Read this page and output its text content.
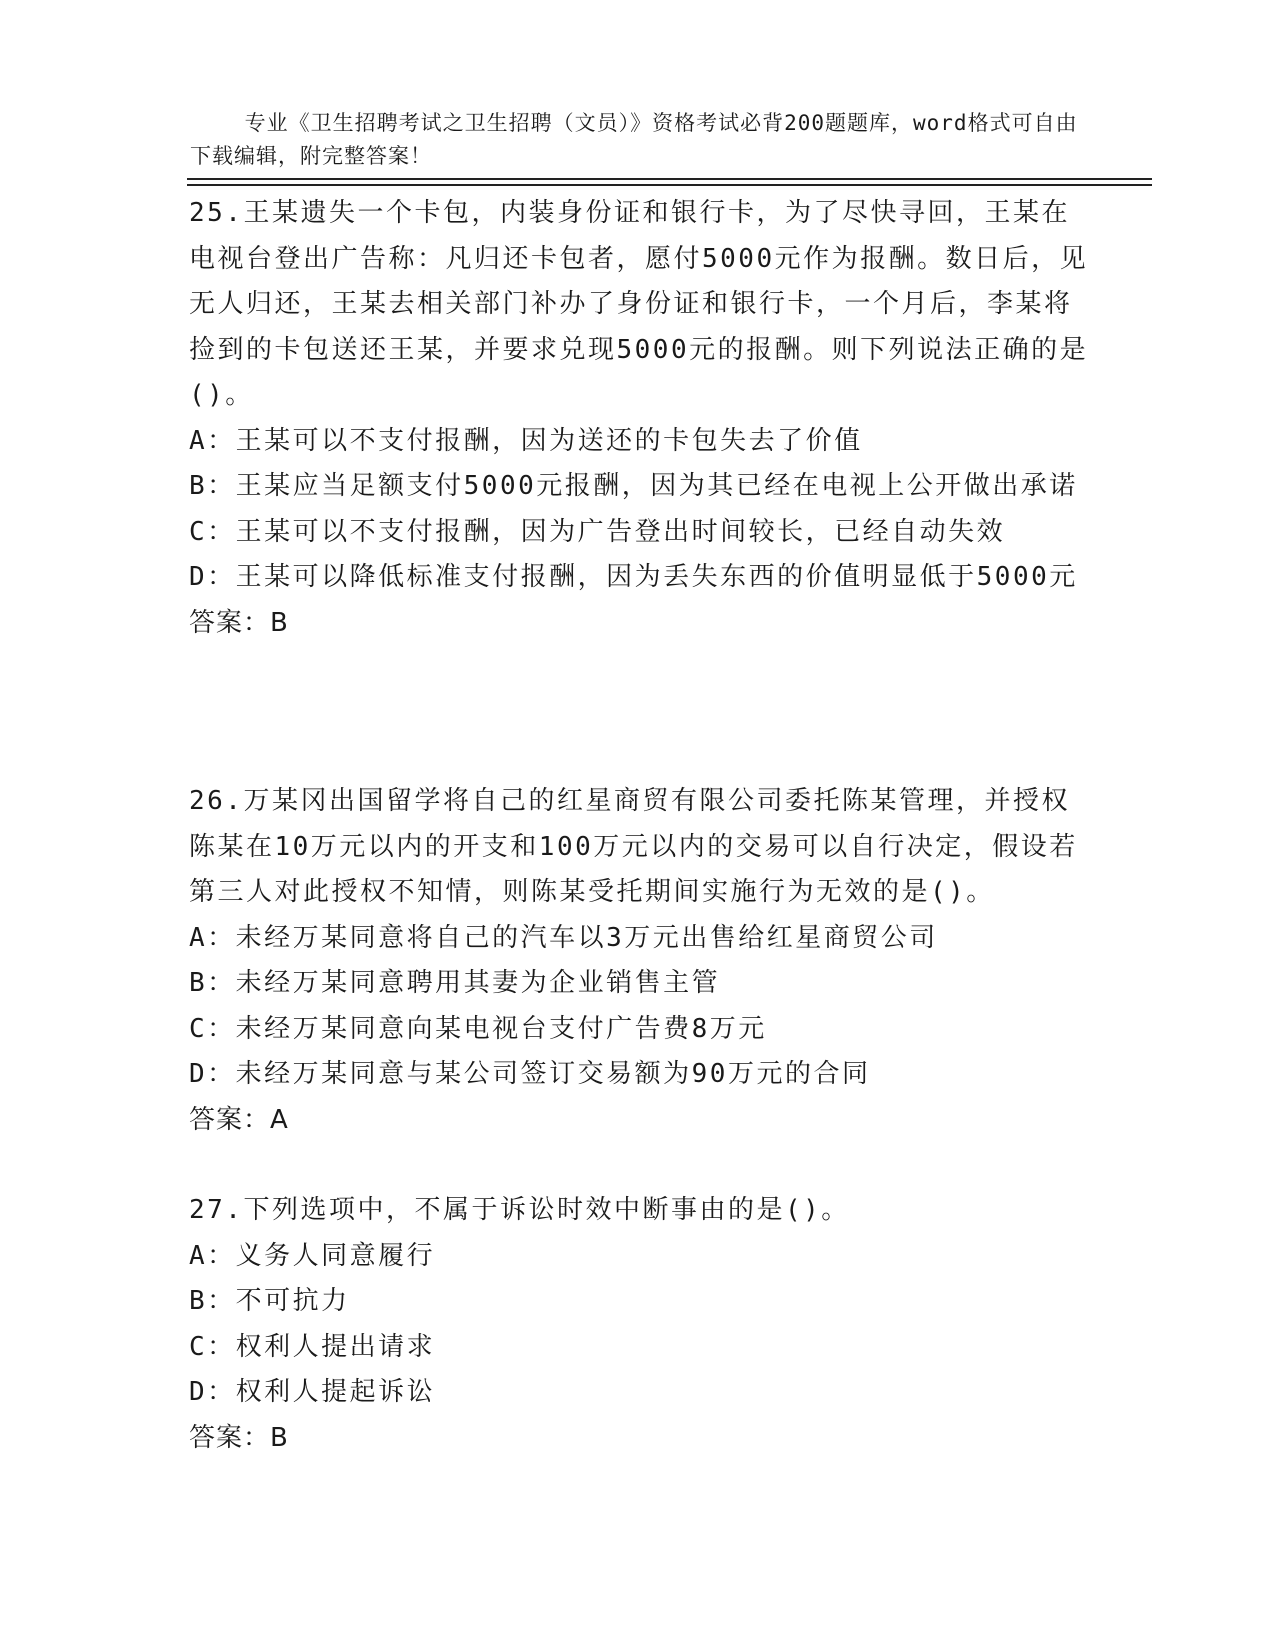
专业《卫生招聘考试之卫生招聘（文员）》资格考试必背200题题库，word格式可自由下载编辑，附完整答案！

25.王某遗失一个卡包，内装身份证和银行卡，为了尽快寻回，王某在电视台登出广告称：凡归还卡包者，愿付5000元作为报酬。数日后，见无人归还，王某去相关部门补办了身份证和银行卡，一个月后，李某将捡到的卡包送还王某，并要求兑现5000元的报酬。则下列说法正确的是()。
A：王某可以不支付报酬，因为送还的卡包失去了价值
B：王某应当足额支付5000元报酬，因为其已经在电视上公开做出承诺
C：王某可以不支付报酬，因为广告登出时间较长，已经自动失效
D：王某可以降低标准支付报酬，因为丢失东西的价值明显低于5000元
答案：B
26.万某冈出国留学将自己的红星商贸有限公司委托陈某管理，并授权陈某在10万元以内的开支和100万元以内的交易可以自行决定，假设若第三人对此授权不知情，则陈某受托期间实施行为无效的是()。
A：未经万某同意将自己的汽车以3万元出售给红星商贸公司
B：未经万某同意聘用其妻为企业销售主管
C：未经万某同意向某电视台支付广告费8万元
D：未经万某同意与某公司签订交易额为90万元的合同
答案：A
27.下列选项中，不属于诉讼时效中断事由的是()。
A：义务人同意履行
B：不可抗力
C：权利人提出请求
D：权利人提起诉讼
答案：B
